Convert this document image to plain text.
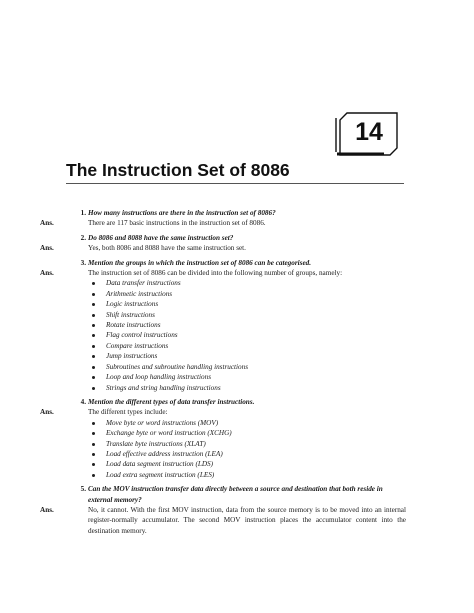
14
The Instruction Set of 8086
1. How many instructions are there in the instruction set of 8086?
Ans.	There are 117 basic instructions in the instruction set of 8086.
2. Do 8086 and 8088 have the same instruction set?
Ans.	Yes, both 8086 and 8088 have the same instruction set.
3. Mention the groups in which the instruction set of 8086 can be categorised.
Ans.	The instruction set of 8086 can be divided into the following number of groups, namely:
Data transfer instructions
Arithmetic instructions
Logic instructions
Shift instructions
Rotate instructions
Flag control instructions
Compare instructions
Jump instructions
Subroutines and subroutine handling instructions
Loop and loop handling instructions
Strings and string handling instructions
4. Mention the different types of data transfer instructions.
Ans.	The different types include:
Move byte or word instructions (MOV)
Exchange byte or word instruction (XCHG)
Translate byte instructions (XLAT)
Load effective address instruction (LEA)
Load data segment instruction (LDS)
Load extra segment instruction (LES)
5. Can the MOV instruction transfer data directly between a source and destination that both reside in external memory?
Ans.	No, it cannot. With the first MOV instruction, data from the source memory is to be moved into an internal register-normally accumulator. The second MOV instruction places the accumulator content into the destination memory.
